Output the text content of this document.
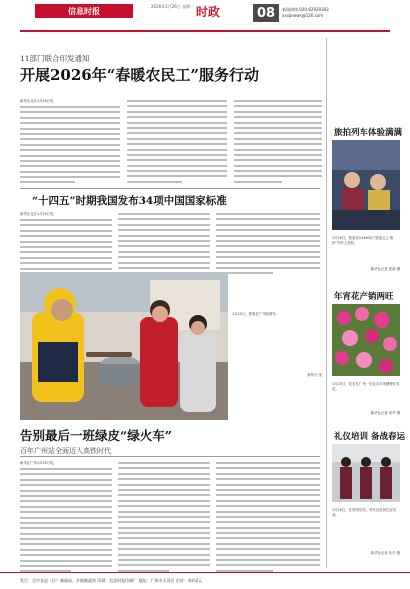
信息时报	2026年1月26日 星期一 时政	08	新闻热线 020-62929303
xxsbnews@126.com
11部门联合印发通知
开展2026年“春暖农民工”服务行动
新华社北京1月24日电
“十四五”时期我国发布34项中国国家标准
新华社北京1月24日电
1月25日，旅客在广州站候车。
新华社 发
告别最后一班绿皮“绿火车”
百年广州站全面迈入高铁时代
新华社广州1月25日电
旅拍列车体验满满
1月25日，旅客在G1693次“旅客云上·旅拍”列车上体验。
新华社记者 张涛 摄
年宵花产销两旺
1月25日，花农在广州一处花卉市场整理年宵花。
新华社记者 邓华 摄
礼仪培训 备战春运
1月25日，在郑州东站，列车员参加礼仪培训。
新华社记者 杜华 摄
发行：全市各县（区）邮政局、乡镇邮政所 印刷：信息时报印刷厂 地址：广州市天河区 定价：每份2元
